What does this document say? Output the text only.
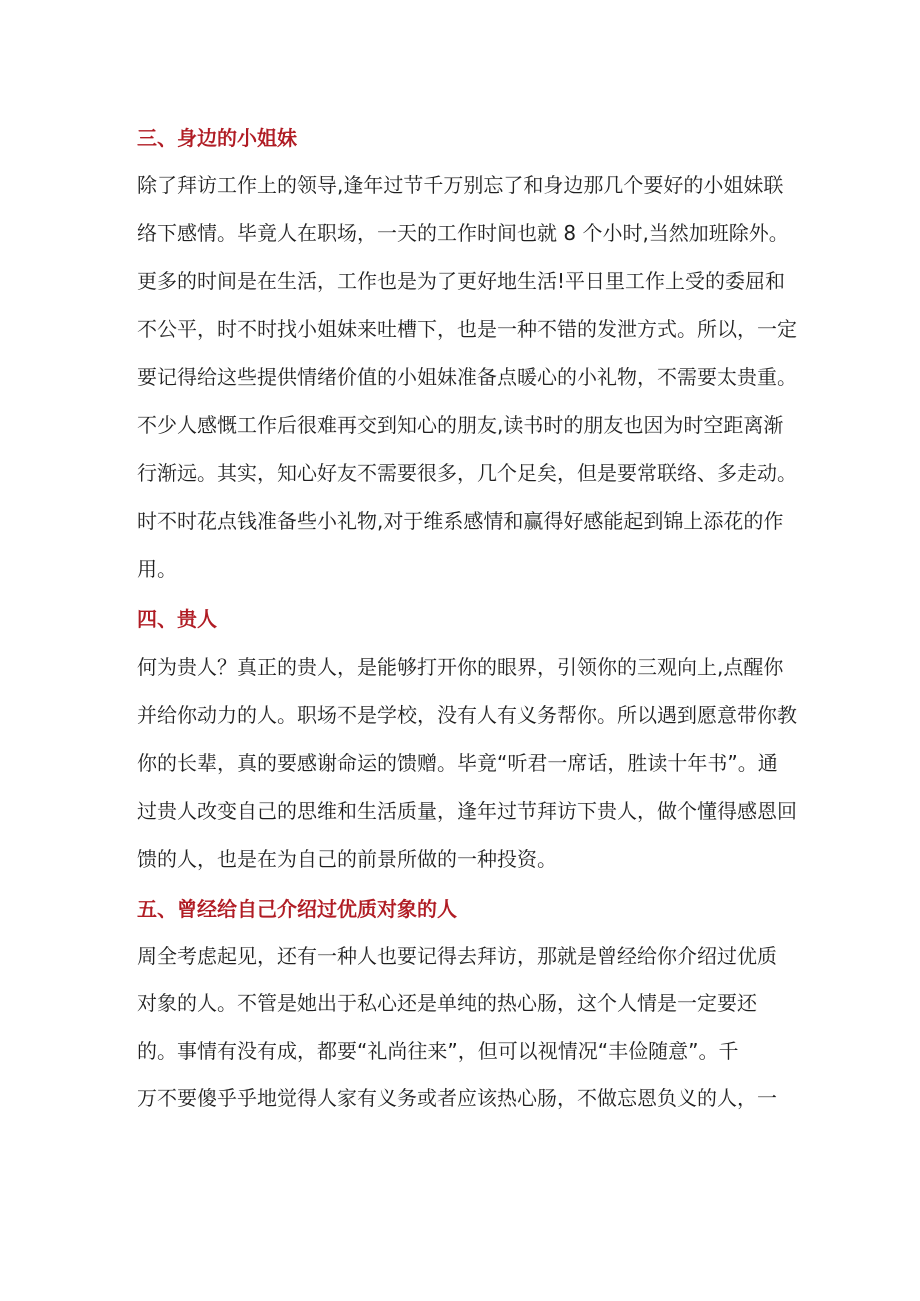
三、身边的小姐妹
除了拜访工作上的领导,逢年过节千万别忘了和身边那几个要好的小姐妹联
络下感情。毕竟人在职场，一天的工作时间也就 8 个小时,当然加班除外。
更多的时间是在生活，工作也是为了更好地生活!平日里工作上受的委屈和
不公平，时不时找小姐妹来吐槽下，也是一种不错的发泄方式。所以，一定
要记得给这些提供情绪价值的小姐妹准备点暖心的小礼物，不需要太贵重。
不少人感慨工作后很难再交到知心的朋友,读书时的朋友也因为时空距离渐
行渐远。其实，知心好友不需要很多，几个足矣，但是要常联络、多走动。
时不时花点钱准备些小礼物,对于维系感情和赢得好感能起到锦上添花的作
用。
四、贵人
何为贵人？真正的贵人，是能够打开你的眼界，引领你的三观向上,点醒你
并给你动力的人。职场不是学校，没有人有义务帮你。所以遇到愿意带你教
你的长辈，真的要感谢命运的馈赠。毕竟“听君一席话，胜读十年书”。通
过贵人改变自己的思维和生活质量，逢年过节拜访下贵人，做个懂得感恩回
馈的人，也是在为自己的前景所做的一种投资。
五、曾经给自己介绍过优质对象的人
周全考虑起见，还有一种人也要记得去拜访，那就是曾经给你介绍过优质
对象的人。不管是她出于私心还是单纯的热心肠，这个人情是一定要还
的。事情有没有成，都要“礼尚往来”，但可以视情况“丰俭随意”。千
万不要傻乎乎地觉得人家有义务或者应该热心肠，不做忘恩负义的人，一
